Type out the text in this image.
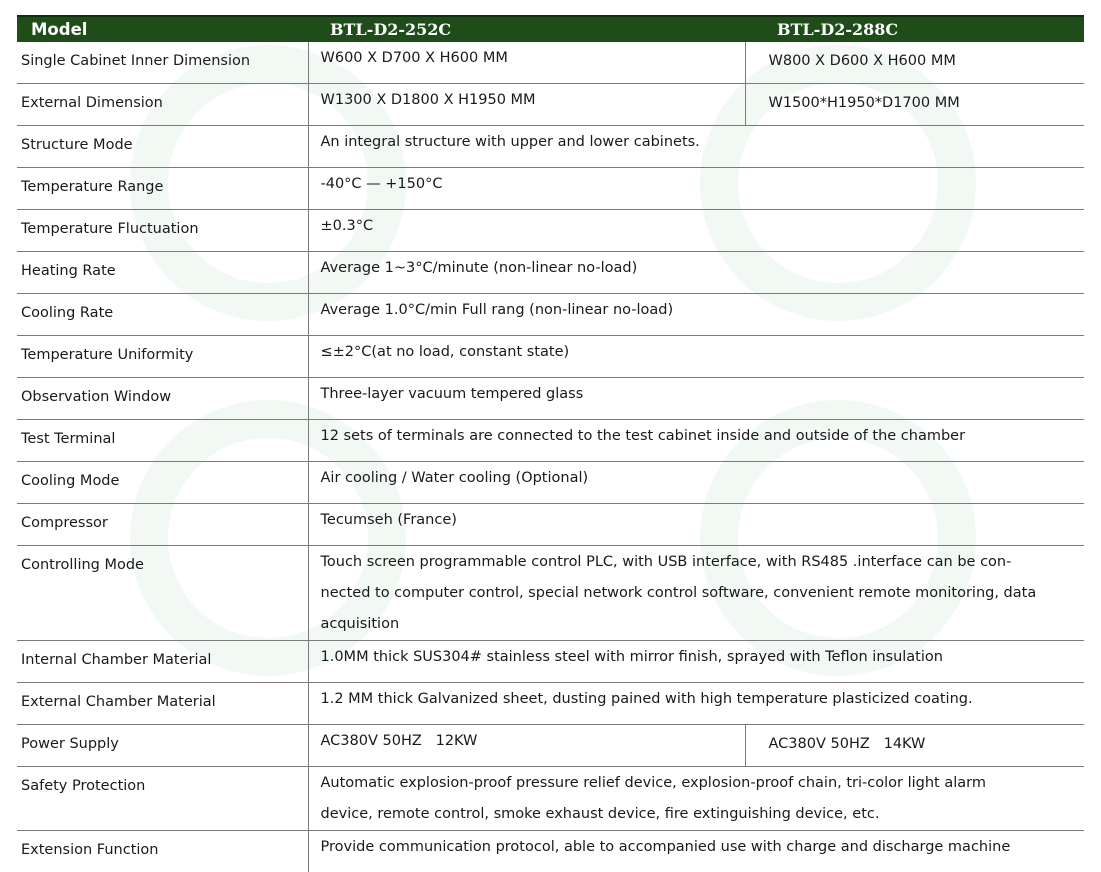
Model	BTL-D2-252C	BTL-D2-288C
Single Cabinet Inner Dimension	W600 X D700 X H600 MM	W800 X D600 X H600 MM
External Dimension	W1300 X D1800 X H1950 MM	W1500*H1950*D1700 MM
Structure Mode	An integral structure with upper and lower cabinets.	
Temperature Range	-40°C — +150°C	
Temperature Fluctuation	±0.3°C	
Heating Rate	Average 1~3°C/minute (non-linear no-load)	
Cooling Rate	Average 1.0°C/min Full rang (non-linear no-load)	
Temperature Uniformity	≤±2°C(at no load, constant state)	
Observation Window	Three-layer vacuum tempered glass	
Test Terminal	12 sets of terminals are connected to the test cabinet inside and outside of the chamber	
Cooling Mode	Air cooling / Water cooling (Optional)	
Compressor	Tecumseh (France)	
Controlling Mode	Touch screen programmable control PLC, with USB interface, with RS485 .interface can be con-
nected to computer control, special network control software, convenient remote monitoring, data
acquisition	

Internal Chamber Material	1.0MM thick SUS304# stainless steel with mirror finish, sprayed with Teflon insulation	
External Chamber Material	1.2 MM thick Galvanized sheet, dusting pained with high temperature plasticized coating.	
Power Supply	AC380V 50HZ   12KW	AC380V 50HZ   14KW
Safety Protection	Automatic explosion-proof pressure relief device, explosion-proof chain, tri-color light alarm
device, remote control, smoke exhaust device, fire extinguishing device, etc.	

Extension Function	Provide communication protocol, able to accompanied use with charge and discharge machine	
